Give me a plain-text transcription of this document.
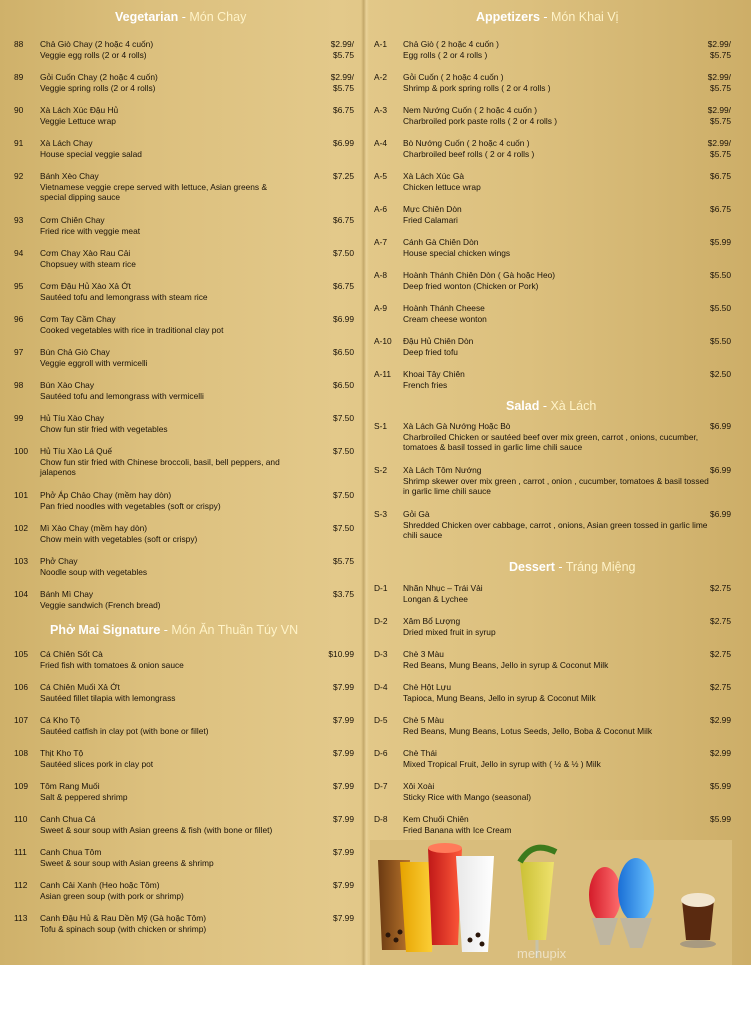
Vegetarian - Món Chay
88	Chả Giò Chay (2 hoặc 4 cuốn)
Veggie egg rolls (2 or 4 rolls)
$2.99/
$5.75
89	Gỏi Cuốn Chay (2 hoặc 4 cuốn)
Veggie spring rolls (2 or 4 rolls)
$2.99/
$5.75
90	Xà Lách Xúc Đậu Hủ
Veggie Lettuce wrap
$6.75
91	Xà Lách Chay
House special veggie salad
$6.99
92	Bánh Xèo Chay
Vietnamese veggie crepe served with lettuce, Asian greens & special dipping sauce
$7.25
93	Cơm Chiên Chay
Fried rice with veggie meat
$6.75
94	Cơm Chay Xào Rau Cải
Chopsuey with steam rice
$7.50
95	Cơm Đậu Hủ Xào Xả Ớt
Sautéed tofu and lemongrass with steam rice
$6.75
96	Cơm Tay Cầm Chay
Cooked vegetables with rice in traditional clay pot
$6.99
97	Bún Chả Giò Chay
Veggie eggroll with vermicelli
$6.50
98	Bún Xào Chay
Sautéed tofu and lemongrass with vermicelli
$6.50
99	Hủ Tíu Xào Chay
Chow fun stir fried with vegetables
$7.50
100	Hủ Tíu Xào Lá Quế
Chow fun stir fried with Chinese broccoli, basil, bell peppers, and jalapenos
$7.50
101	Phở Áp Chảo Chay (mềm hay dòn)
Pan fried noodles with vegetables (soft or crispy)
$7.50
102	Mì Xào Chay (mềm hay dòn)
Chow mein with vegetables (soft or crispy)
$7.50
103	Phở Chay
Noodle soup with vegetables
$5.75
104	Bánh Mì Chay
Veggie sandwich (French bread)
$3.75
Phở Mai Signature - Món Ăn Thuần Túy VN
105	Cá Chiên Sốt Cà
Fried fish with tomatoes & onion sauce
$10.99
106	Cá Chiên Muối Xả Ớt
Sautéed fillet tilapia with lemongrass
$7.99
107	Cá Kho Tộ
Sautéed catfish in clay pot (with bone or fillet)
$7.99
108	Thịt Kho Tộ
Sautéed slices pork in clay pot
$7.99
109	Tôm Rang Muối
Salt & peppered shrimp
$7.99
110	Canh Chua Cá
Sweet & sour soup with Asian greens & fish (with bone or fillet)
$7.99
111	Canh Chua Tôm
Sweet & sour soup with Asian greens & shrimp
$7.99
112	Canh Cải Xanh (Heo hoặc Tôm)
Asian green soup (with pork or shrimp)
$7.99
113	Canh Đậu Hủ & Rau Dền Mỹ (Gà hoặc Tôm)
Tofu & spinach soup (with chicken or shrimp)
$7.99
Appetizers - Món Khai Vị
A-1	Chả Giò ( 2 hoặc 4 cuốn )
Egg rolls ( 2 or 4 rolls )
$2.99/
$5.75
A-2	Gỏi Cuốn ( 2 hoặc 4 cuốn )
Shrimp & pork spring rolls ( 2 or 4 rolls )
$2.99/
$5.75
A-3	Nem Nướng Cuốn ( 2 hoặc 4 cuốn )
Charbroiled pork paste rolls ( 2 or 4 rolls )
$2.99/
$5.75
A-4	Bò Nướng Cuốn ( 2 hoặc 4 cuốn )
Charbroiled beef rolls ( 2 or 4 rolls )
$2.99/
$5.75
A-5	Xà Lách Xúc Gà
Chicken lettuce wrap
$6.75
A-6	Mực Chiên Dòn
Fried Calamari
$6.75
A-7	Cánh Gà Chiên Dòn
House special chicken wings
$5.99
A-8	Hoành Thánh Chiên Dòn ( Gà hoặc Heo)
Deep fried wonton (Chicken or Pork)
$5.50
A-9	Hoành Thánh Cheese
Cream cheese wonton
$5.50
A-10	Đậu Hủ Chiên Dòn
Deep fried tofu
$5.50
A-11	Khoai Tây Chiên
French fries
$2.50
Salad - Xà Lách
S-1	Xà Lách Gà Nướng Hoặc Bò
Charbroiled Chicken or sautéed beef over mix green, carrot , onions, cucumber, tomatoes & basil tossed in garlic lime chili sauce
$6.99
S-2	Xà Lách Tôm Nướng
Shrimp skewer over mix green , carrot , onion , cucumber, tomatoes & basil tossed in garlic lime chili sauce
$6.99
S-3	Gỏi Gà
Shredded Chicken over cabbage, carrot , onions, Asian green tossed in garlic lime chili sauce
$6.99
Dessert - Tráng Miệng
D-1	Nhãn Nhục – Trái Vải
Longan & Lychee
$2.75
D-2	Xâm Bổ Lượng
Dried mixed fruit in syrup
$2.75
D-3	Chè 3 Màu
Red Beans, Mung Beans, Jello in syrup & Coconut Milk
$2.75
D-4	Chè Hột Lựu
Tapioca, Mung Beans, Jello in syrup & Coconut Milk
$2.75
D-5	Chè 5 Màu
Red Beans, Mung Beans, Lotus Seeds, Jello, Boba & Coconut Milk
$2.99
D-6	Chè Thái
Mixed Tropical Fruit, Jello in syrup with ( ½ & ½ ) Milk
$2.99
D-7	Xôi Xoài
Sticky Rice with Mango (seasonal)
$5.99
D-8	Kem Chuối Chiên
Fried Banana with Ice Cream
$5.99
menupix
